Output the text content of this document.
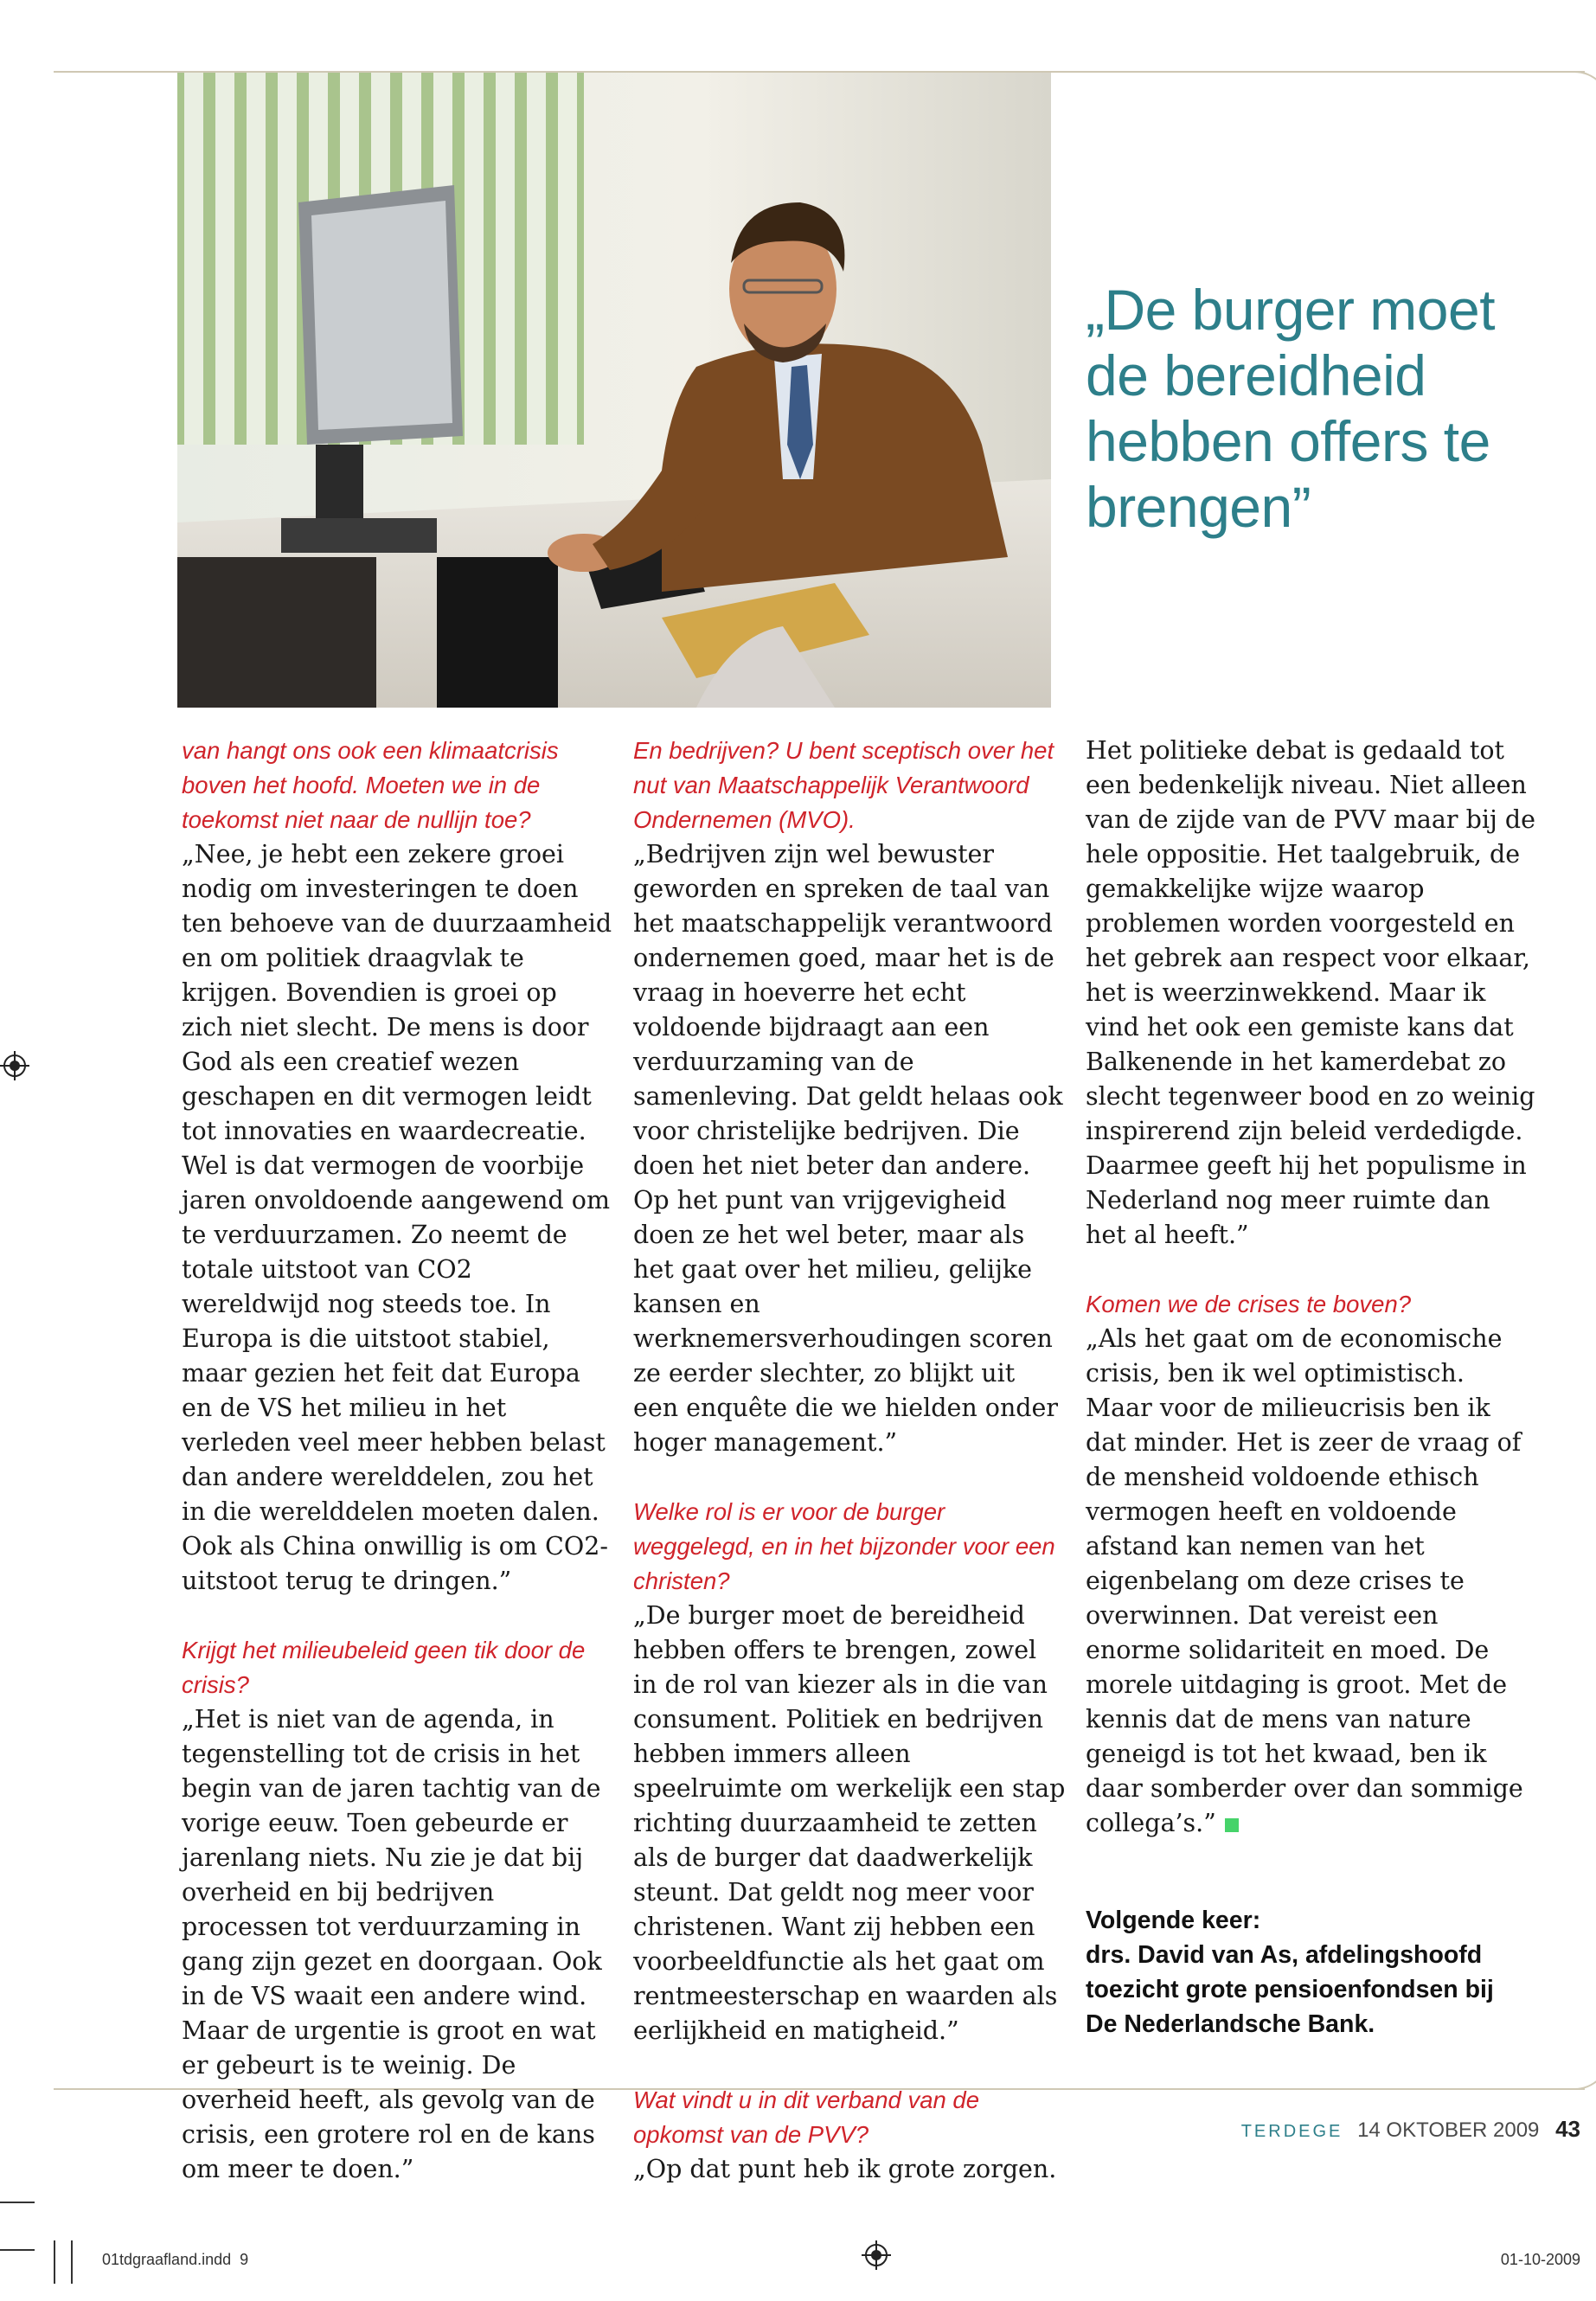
„De burger moet de bereidheid hebben offers te brengen”

van hangt ons ook een klimaatcrisis boven het hoofd. Moeten we in de toekomst niet naar de nullijn toe?

„Nee, je hebt een zekere groei nodig om investeringen te doen ten behoeve van de duurzaamheid en om politiek draagvlak te krijgen. Bovendien is groei op zich niet slecht. De mens is door God als een creatief wezen geschapen en dit vermogen leidt tot innovaties en waardecreatie. Wel is dat vermogen de voorbije jaren onvoldoende aangewend om te verduurzamen. Zo neemt de totale uitstoot van CO2 wereldwijd nog steeds toe. In Europa is die uitstoot stabiel, maar gezien het feit dat Europa en de VS het milieu in het verleden veel meer hebben belast dan andere werelddelen, zou het in die werelddelen moeten dalen. Ook als China onwillig is om CO2-uitstoot terug te dringen.”

Krijgt het milieubeleid geen tik door de crisis?

„Het is niet van de agenda, in tegenstelling tot de crisis in het begin van de jaren tachtig van de vorige eeuw. Toen gebeurde er jarenlang niets. Nu zie je dat bij overheid en bij bedrijven processen tot verduurzaming in gang zijn gezet en doorgaan. Ook in de VS waait een andere wind. Maar de urgentie is groot en wat er gebeurt is te weinig. De overheid heeft, als gevolg van de crisis, een grotere rol en de kans om meer te doen.”

En bedrijven? U bent sceptisch over het nut van Maatschappelijk Verantwoord Ondernemen (MVO).

„Bedrijven zijn wel bewuster geworden en spreken de taal van het maatschappelijk verantwoord ondernemen goed, maar het is de vraag in hoeverre het echt voldoende bijdraagt aan een verduurzaming van de samenleving. Dat geldt helaas ook voor christelijke bedrijven. Die doen het niet beter dan andere. Op het punt van vrijgevigheid doen ze het wel beter, maar als het gaat over het milieu, gelijke kansen en werknemersverhoudingen scoren ze eerder slechter, zo blijkt uit een enquête die we hielden onder hoger management.”

Welke rol is er voor de burger weggelegd, en in het bijzonder voor een christen?

„De burger moet de bereidheid hebben offers te brengen, zowel in de rol van kiezer als in die van consument. Politiek en bedrijven hebben immers alleen speelruimte om werkelijk een stap richting duurzaamheid te zetten als de burger dat daadwerkelijk steunt. Dat geldt nog meer voor christenen. Want zij hebben een voorbeeldfunctie als het gaat om rentmeesterschap en waarden als eerlijkheid en matigheid.”

Wat vindt u in dit verband van de opkomst van de PVV?

„Op dat punt heb ik grote zorgen.

Het politieke debat is gedaald tot een bedenkelijk niveau. Niet alleen van de zijde van de PVV maar bij de hele oppositie. Het taalgebruik, de gemakkelijke wijze waarop problemen worden voorgesteld en het gebrek aan respect voor elkaar, het is weerzinwekkend. Maar ik vind het ook een gemiste kans dat Balkenende in het kamerdebat zo slecht tegenweer bood en zo weinig inspirerend zijn beleid verdedigde. Daarmee geeft hij het populisme in Nederland nog meer ruimte dan het al heeft.”

Komen we de crises te boven?

„Als het gaat om de economische crisis, ben ik wel optimistisch. Maar voor de milieucrisis ben ik dat minder. Het is zeer de vraag of de mensheid voldoende ethisch vermogen heeft en voldoende afstand kan nemen van het eigenbelang om deze crises te overwinnen. Dat vereist een enorme solidariteit en moed. De morele uitdaging is groot. Met de kennis dat de mens van nature geneigd is tot het kwaad, ben ik daar somberder over dan sommige collega’s.”

Volgende keer:
drs. David van As, afdelingshoofd
toezicht grote pensioenfondsen bij
De Nederlandsche Bank.
TERDEGE 14 OKTOBER 2009 43
01tdgraafland.indd 9	01-10-2009
